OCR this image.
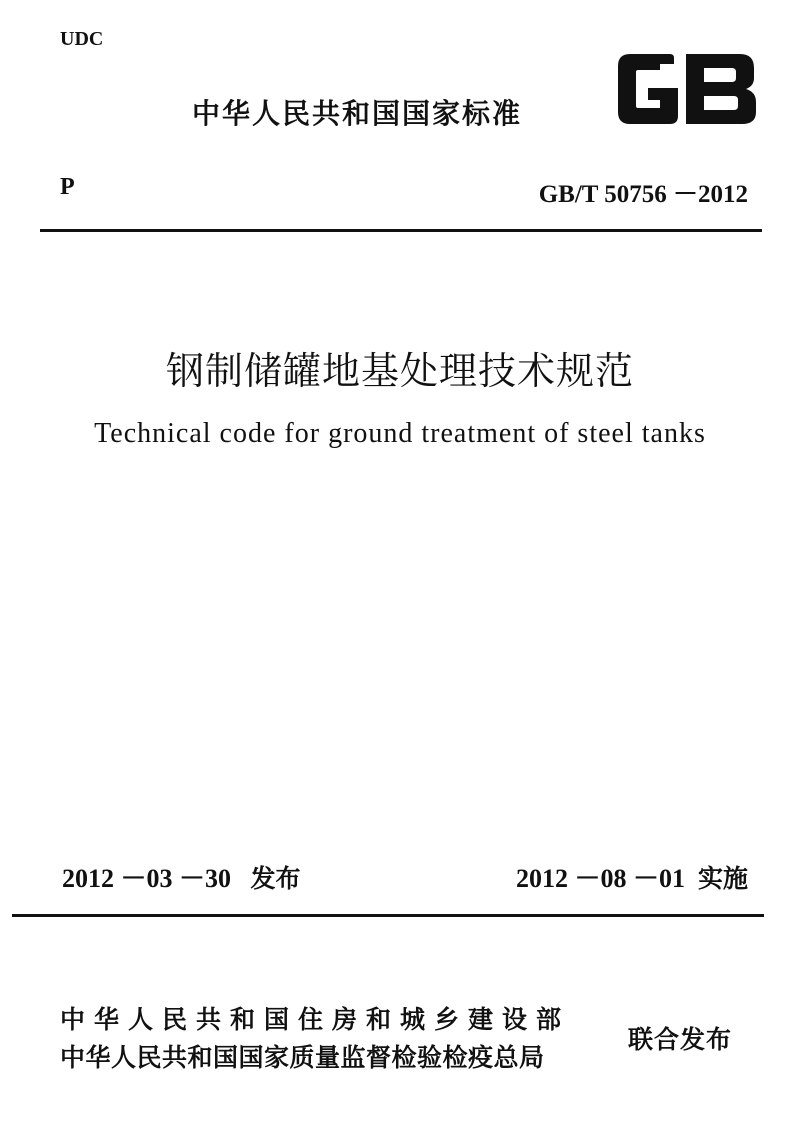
UDC
中华人民共和国国家标准
P	GB/T 50756 －2012
钢制储罐地基处理技术规范
Technical code for ground treatment of steel tanks
2012 －03 －30 发布	2012 －08 －01 实施
中华人民共和国住房和城乡建设部
中华人民共和国国家质量监督检验检疫总局
联合发布
